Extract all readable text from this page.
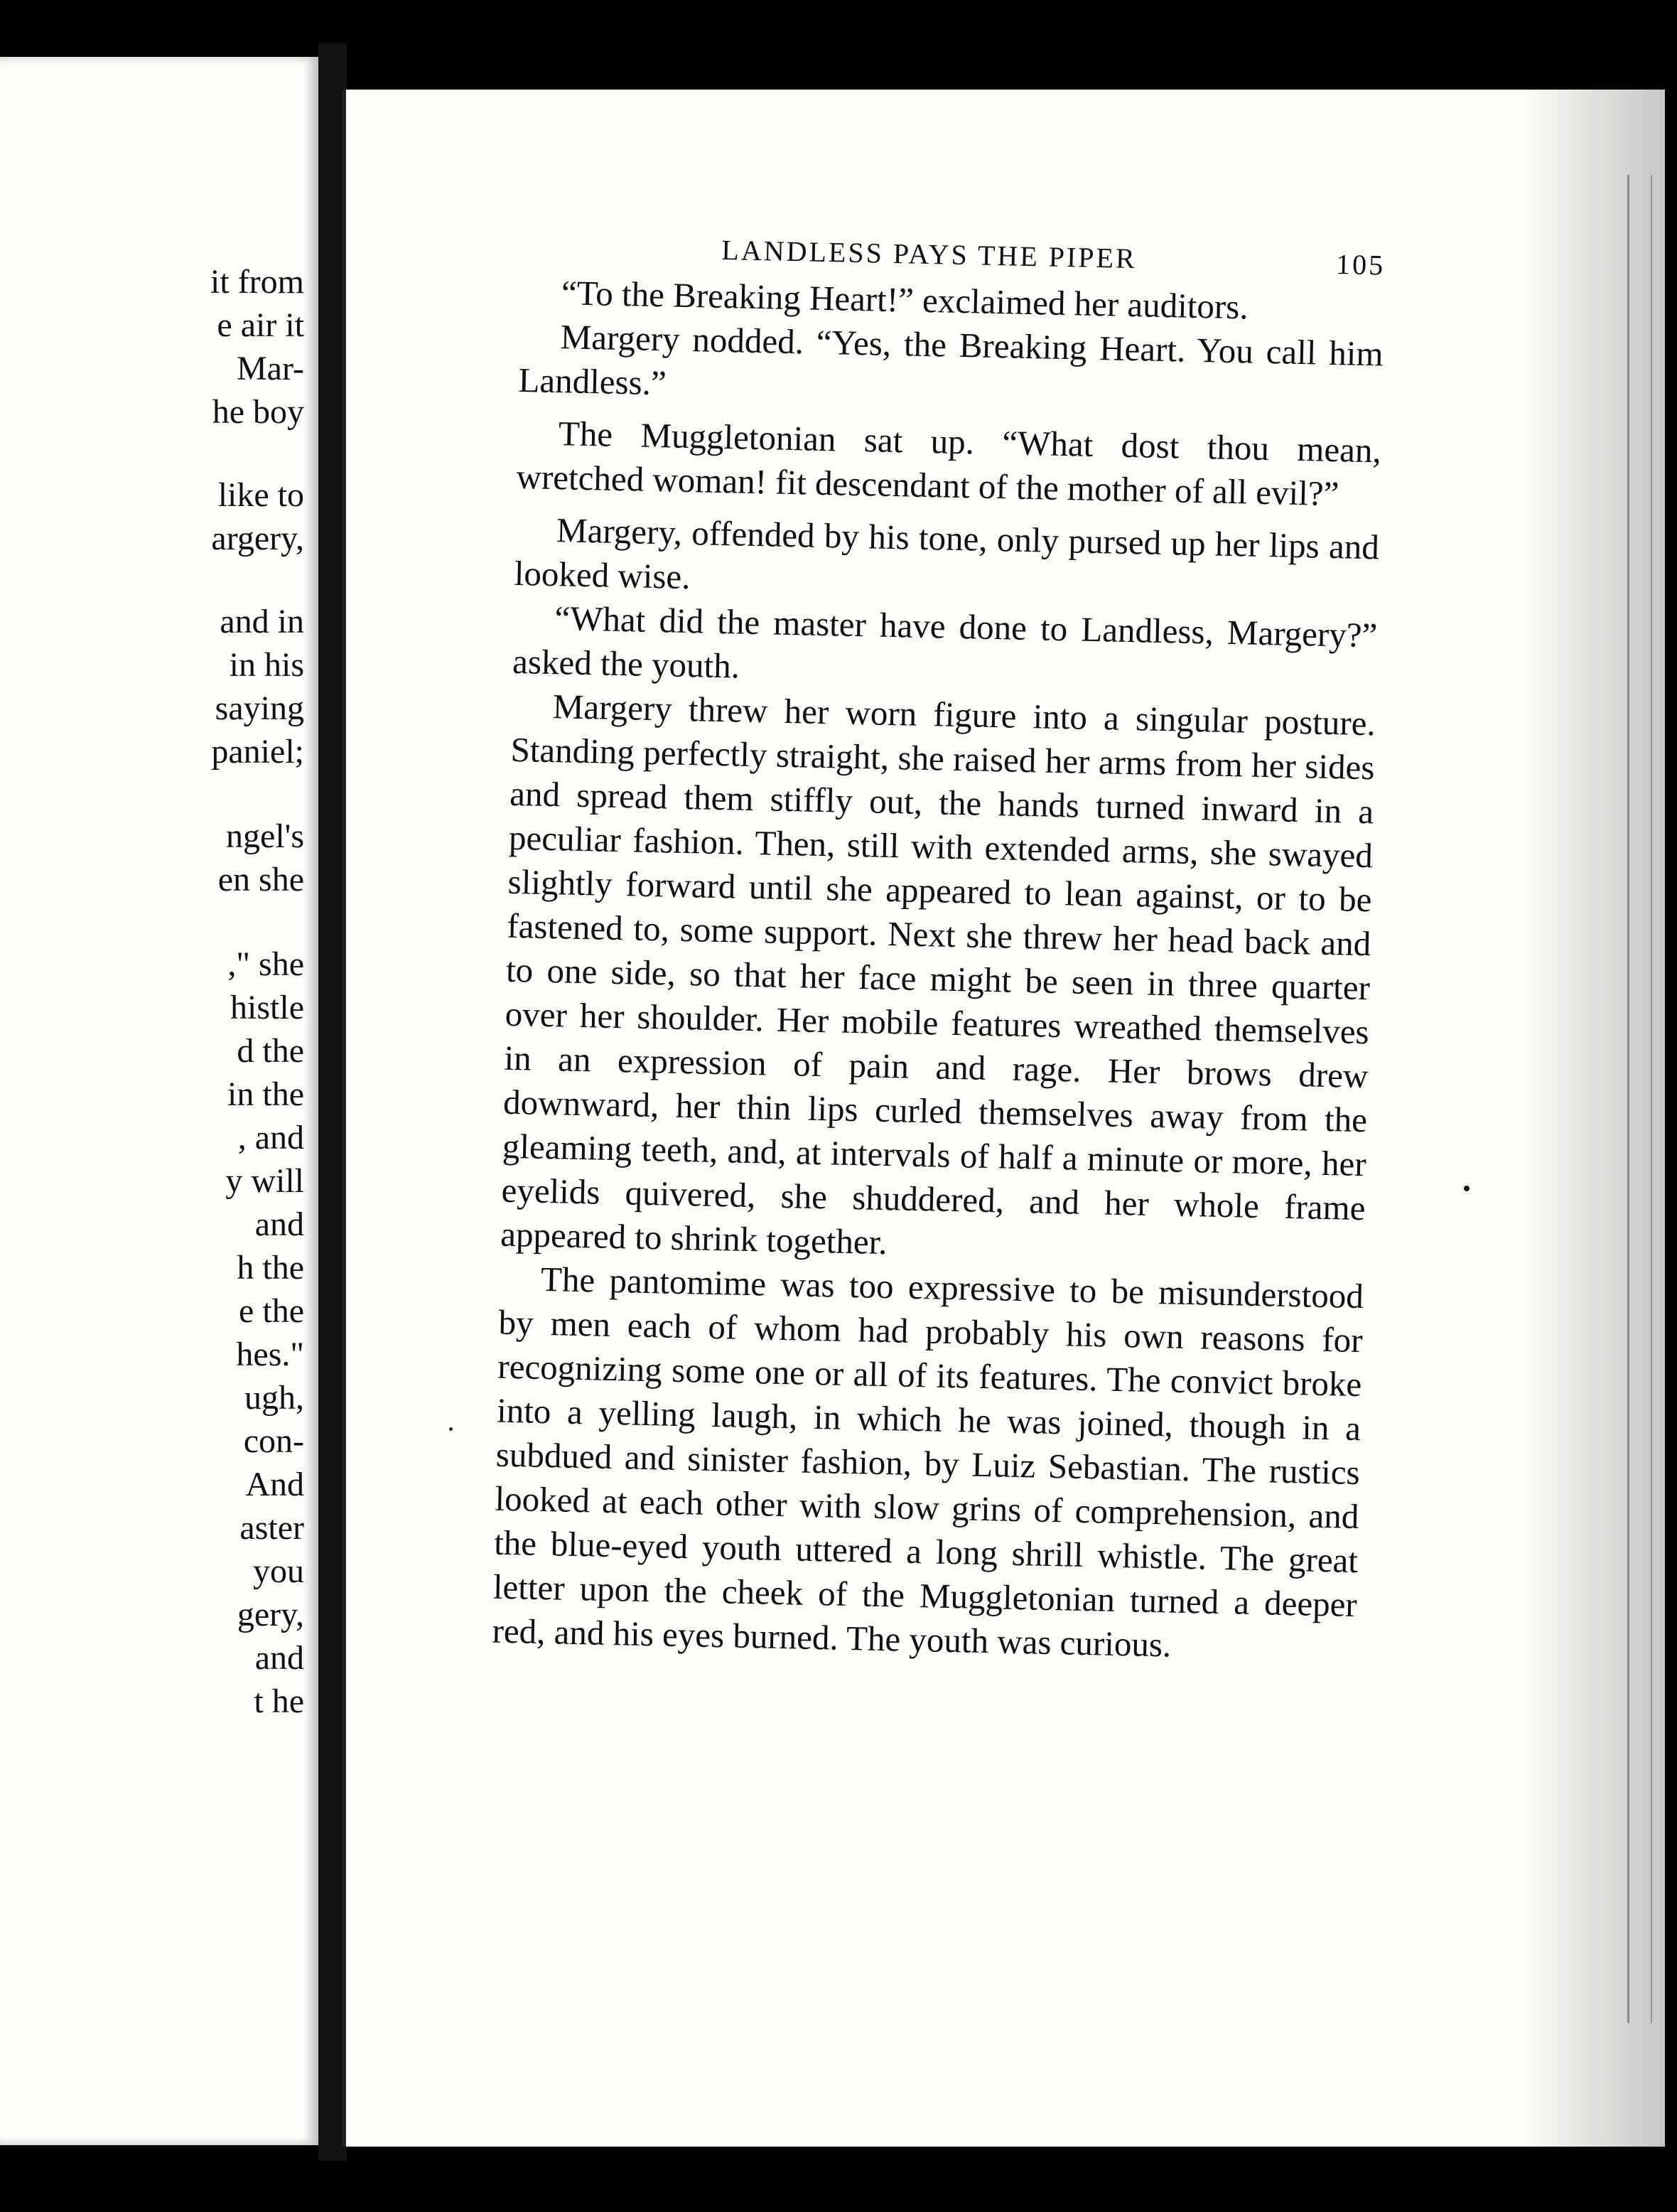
it from
e air it
Mar-
he boy
like to
argery,
and in
in his
saying
paniel;
ngel's
en she
," she
histle
d the
in the
, and
y will
and
h the
e the
hes."
ugh,
con-
And
aster
you
gery,
and
t he
LANDLESS PAYS THE PIPER	105

“To the Breaking Heart!” exclaimed her auditors.

Margery nodded. “Yes, the Breaking Heart. You call him Landless.”

The Muggletonian sat up. “What dost thou mean, wretched woman! fit descendant of the mother of all evil?”

Margery, offended by his tone, only pursed up her lips and looked wise.

“What did the master have done to Landless, Margery?” asked the youth.

Margery threw her worn figure into a singular posture. Standing perfectly straight, she raised her arms from her sides and spread them stiffly out, the hands turned inward in a peculiar fashion. Then, still with extended arms, she swayed slightly forward until she appeared to lean against, or to be fastened to, some support. Next she threw her head back and to one side, so that her face might be seen in three quarter over her shoulder. Her mobile features wreathed themselves in an expression of pain and rage. Her brows drew downward, her thin lips curled themselves away from the gleaming teeth, and, at intervals of half a minute or more, her eyelids quivered, she shuddered, and her whole frame appeared to shrink together.

The pantomime was too expressive to be misunderstood by men each of whom had probably his own reasons for recognizing some one or all of its features. The convict broke into a yelling laugh, in which he was joined, though in a subdued and sinister fashion, by Luiz Sebastian. The rustics looked at each other with slow grins of comprehension, and the blue-eyed youth uttered a long shrill whistle. The great letter upon the cheek of the Muggletonian turned a deeper red, and his eyes burned. The youth was curious.
